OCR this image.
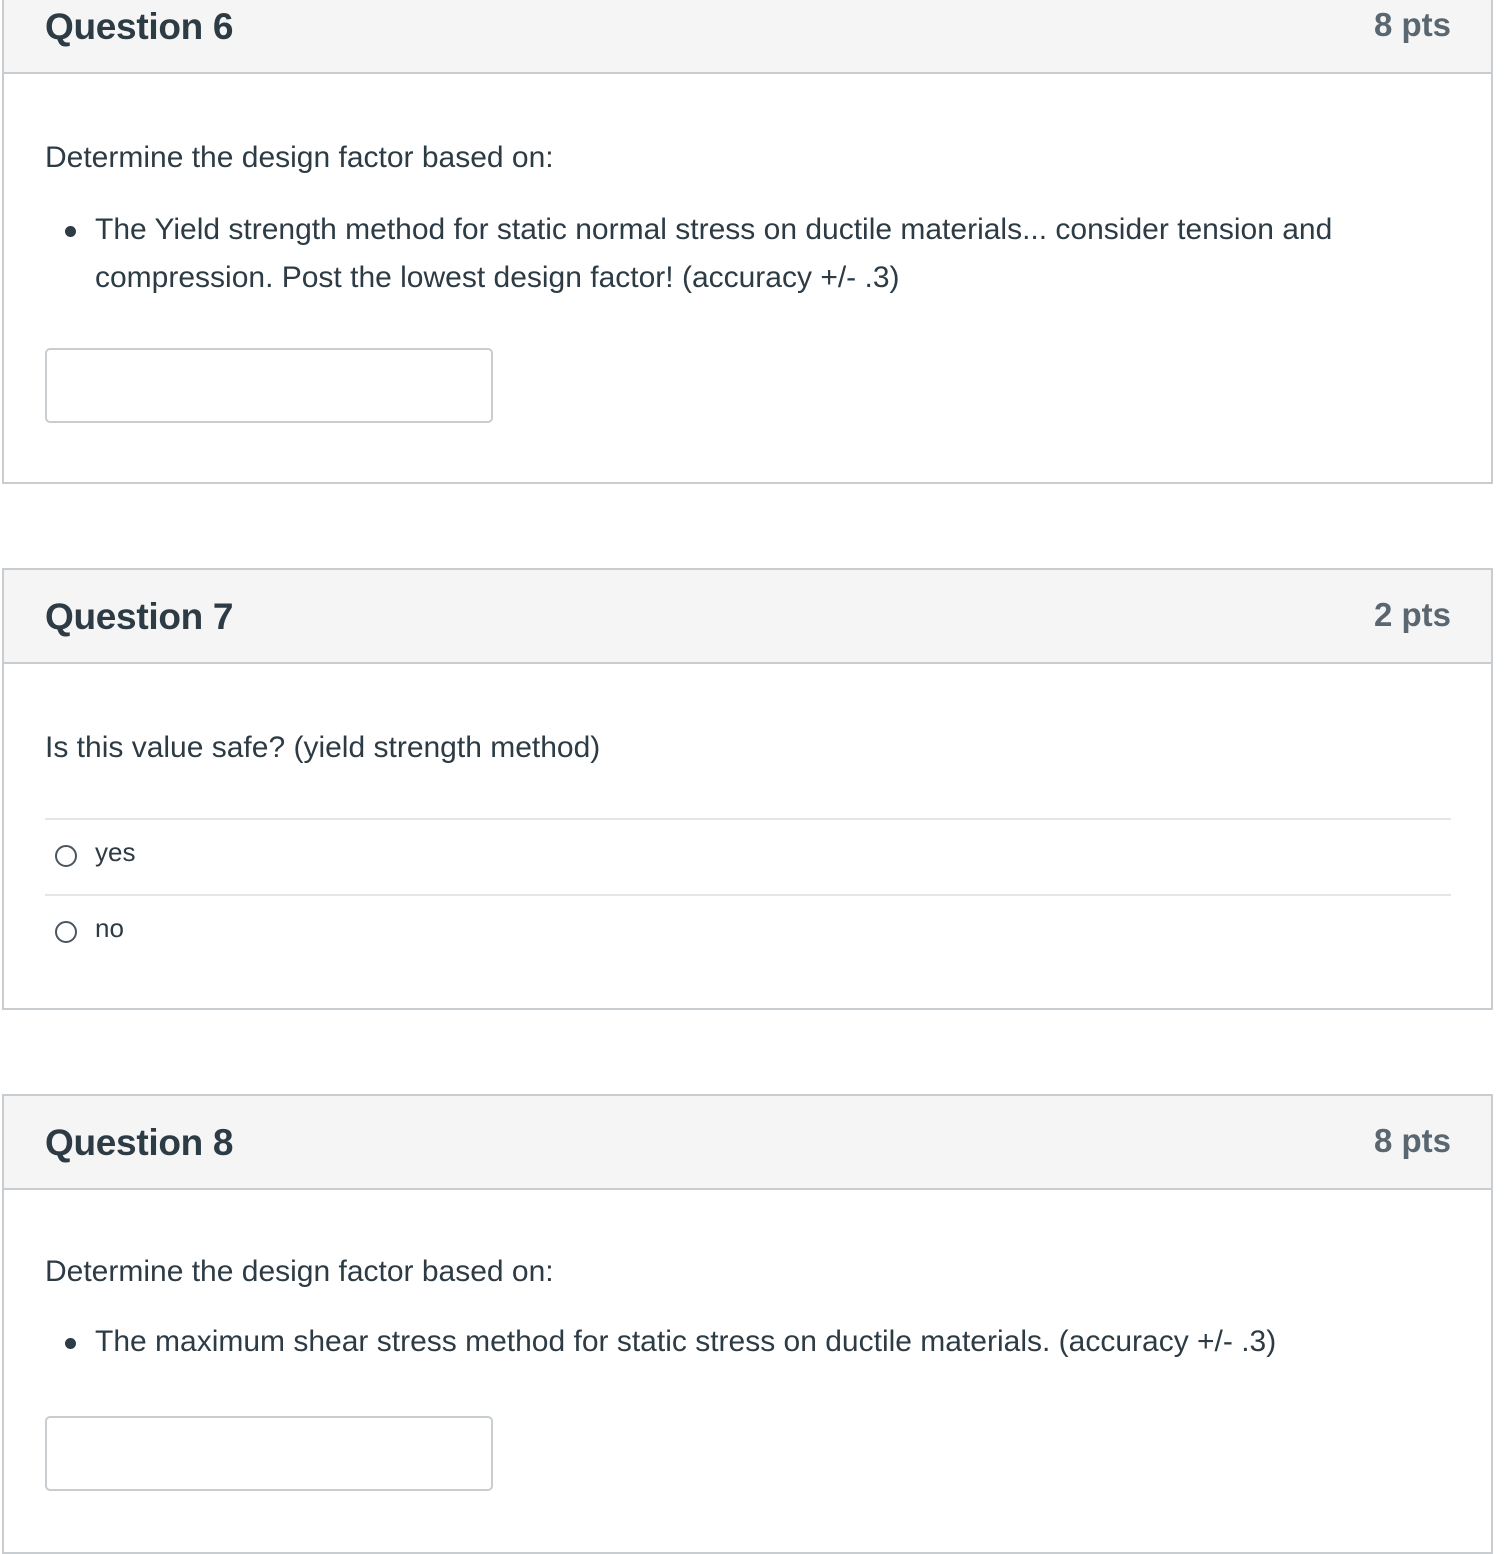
Question 6	8 pts

Determine the design factor based on:

The Yield strength method for static normal stress on ductile materials... consider tension and compression. Post the lowest design factor! (accuracy +/- .3)
Question 7	2 pts

Is this value safe? (yield strength method)

yes
no
Question 8	8 pts

Determine the design factor based on:

The maximum shear stress method for static stress on ductile materials. (accuracy +/- .3)
